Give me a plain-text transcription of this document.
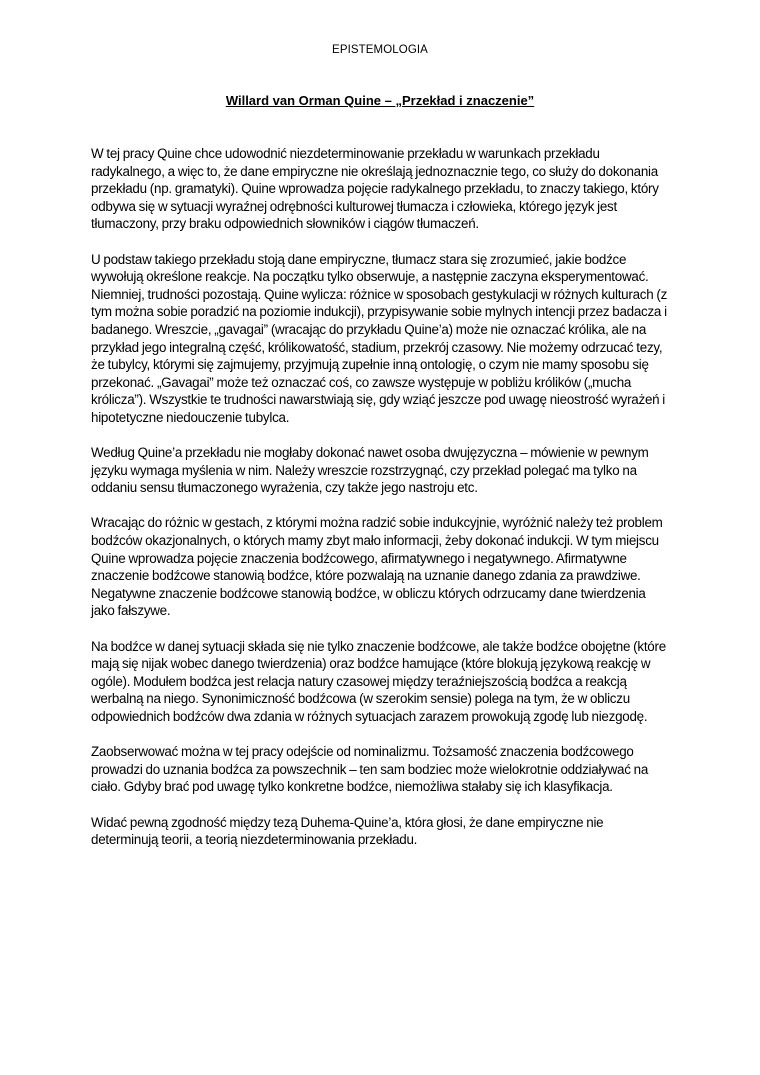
EPISTEMOLOGIA
Willard van Orman Quine – „Przekład i znaczenie”

W tej pracy Quine chce udowodnić niezdeterminowanie przekładu w warunkach przekładu radykalnego, a więc to, że dane empiryczne nie określają jednoznacznie tego, co służy do dokonania przekładu (np. gramatyki). Quine wprowadza pojęcie radykalnego przekładu, to znaczy takiego, który odbywa się w sytuacji wyraźnej odrębności kulturowej tłumacza i człowieka, którego język jest tłumaczony, przy braku odpowiednich słowników i ciągów tłumaczeń.

U podstaw takiego przekładu stoją dane empiryczne, tłumacz stara się zrozumieć, jakie bodźce wywołują określone reakcje. Na początku tylko obserwuje, a następnie zaczyna eksperymentować. Niemniej, trudności pozostają. Quine wylicza: różnice w sposobach gestykulacji w różnych kulturach (z tym można sobie poradzić na poziomie indukcji), przypisywanie sobie mylnych intencji przez badacza i badanego. Wreszcie, „gavagai” (wracając do przykładu Quine’a) może nie oznaczać królika, ale na przykład jego integralną część, królikowatość, stadium, przekrój czasowy. Nie możemy odrzucać tezy, że tubylcy, którymi się zajmujemy, przyjmują zupełnie inną ontologię, o czym nie mamy sposobu się przekonać. „Gavagai” może też oznaczać coś, co zawsze występuje w pobliżu królików („mucha królicza”). Wszystkie te trudności nawarstwiają się, gdy wziąć jeszcze pod uwagę nieostrość wyrażeń i hipotetyczne niedouczenie tubylca.

Według Quine’a przekładu nie mogłaby dokonać nawet osoba dwujęzyczna – mówienie w pewnym języku wymaga myślenia w nim. Należy wreszcie rozstrzygnąć, czy przekład polegać ma tylko na oddaniu sensu tłumaczonego wyrażenia, czy także jego nastroju etc.

Wracając do różnic w gestach, z którymi można radzić sobie indukcyjnie, wyróżnić należy też problem bodźców okazjonalnych, o których mamy zbyt mało informacji, żeby dokonać indukcji. W tym miejscu Quine wprowadza pojęcie znaczenia bodźcowego, afirmatywnego i negatywnego. Afirmatywne znaczenie bodźcowe stanowią bodźce, które pozwalają na uznanie danego zdania za prawdziwe. Negatywne znaczenie bodźcowe stanowią bodźce, w obliczu których odrzucamy dane twierdzenia jako fałszywe.

Na bodźce w danej sytuacji składa się nie tylko znaczenie bodźcowe, ale także bodźce obojętne (które mają się nijak wobec danego twierdzenia) oraz bodźce hamujące (które blokują językową reakcję w ogóle). Modułem bodźca jest relacja natury czasowej między teraźniejszością bodźca a reakcją werbalną na niego. Synonimiczność bodźcowa (w szerokim sensie) polega na tym, że w obliczu odpowiednich bodźców dwa zdania w różnych sytuacjach zarazem prowokują zgodę lub niezgodę.

Zaobserwować można w tej pracy odejście od nominalizmu. Tożsamość znaczenia bodźcowego prowadzi do uznania bodźca za powszechnik – ten sam bodziec może wielokrotnie oddziaływać na ciało. Gdyby brać pod uwagę tylko konkretne bodźce, niemożliwa stałaby się ich klasyfikacja.

Widać pewną zgodność między tezą Duhema-Quine’a, która głosi, że dane empiryczne nie determinują teorii, a teorią niezdeterminowania przekładu.
